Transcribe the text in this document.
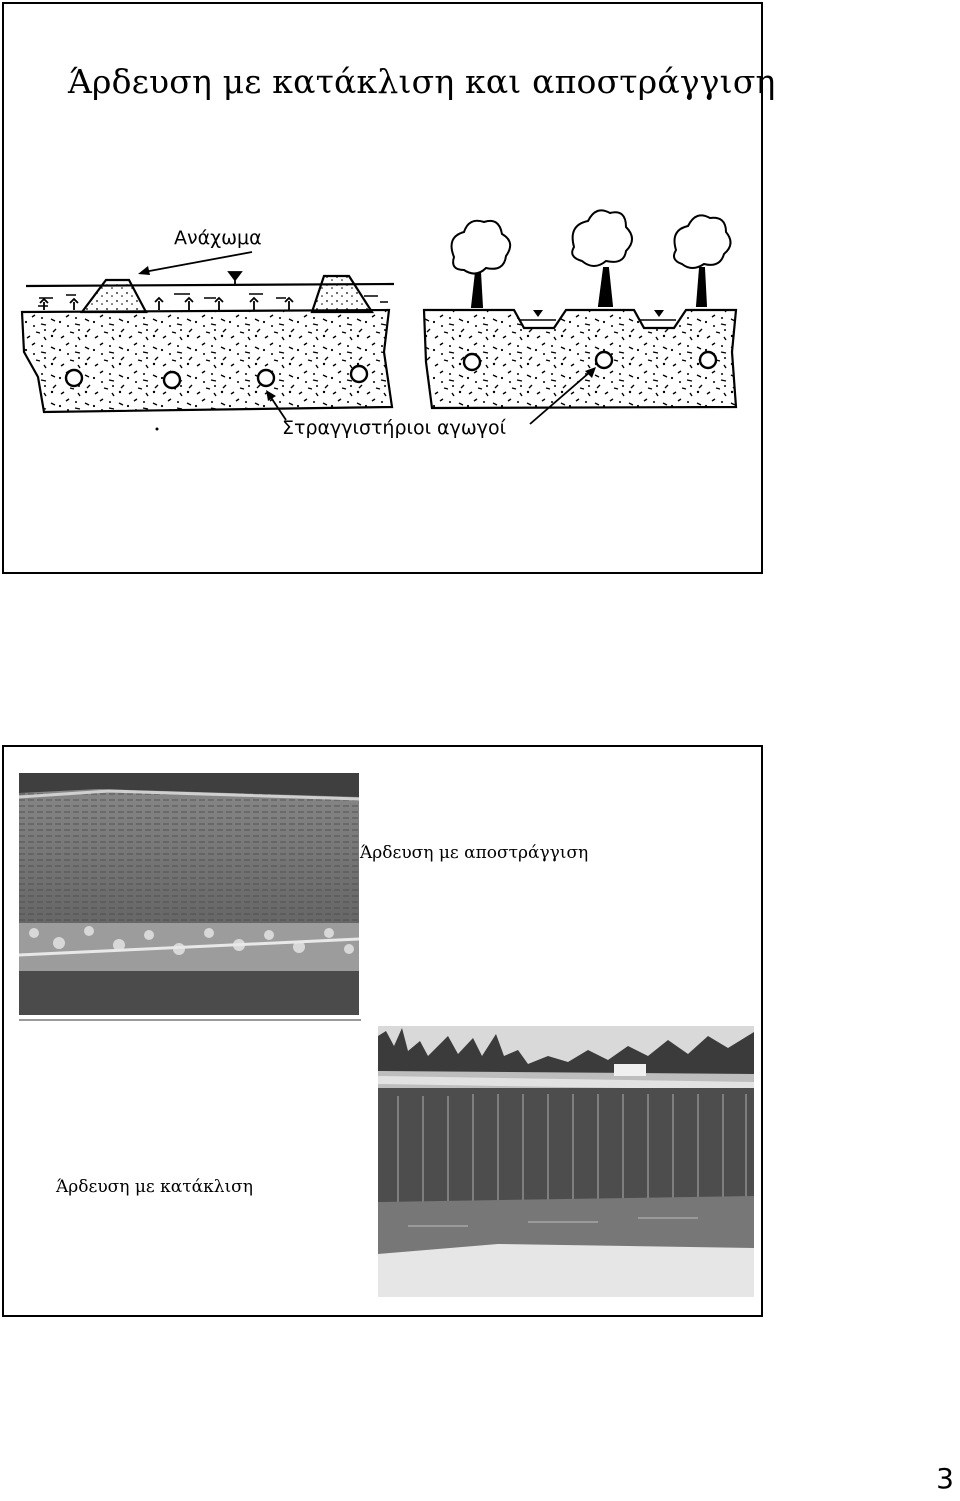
Άρδευση με κατάκλιση και αποστράγγιση
Ανάχωμα
Στραγγιστήριοι αγωγοί
Άρδευση με αποστράγγιση
Άρδευση με κατάκλιση
3
